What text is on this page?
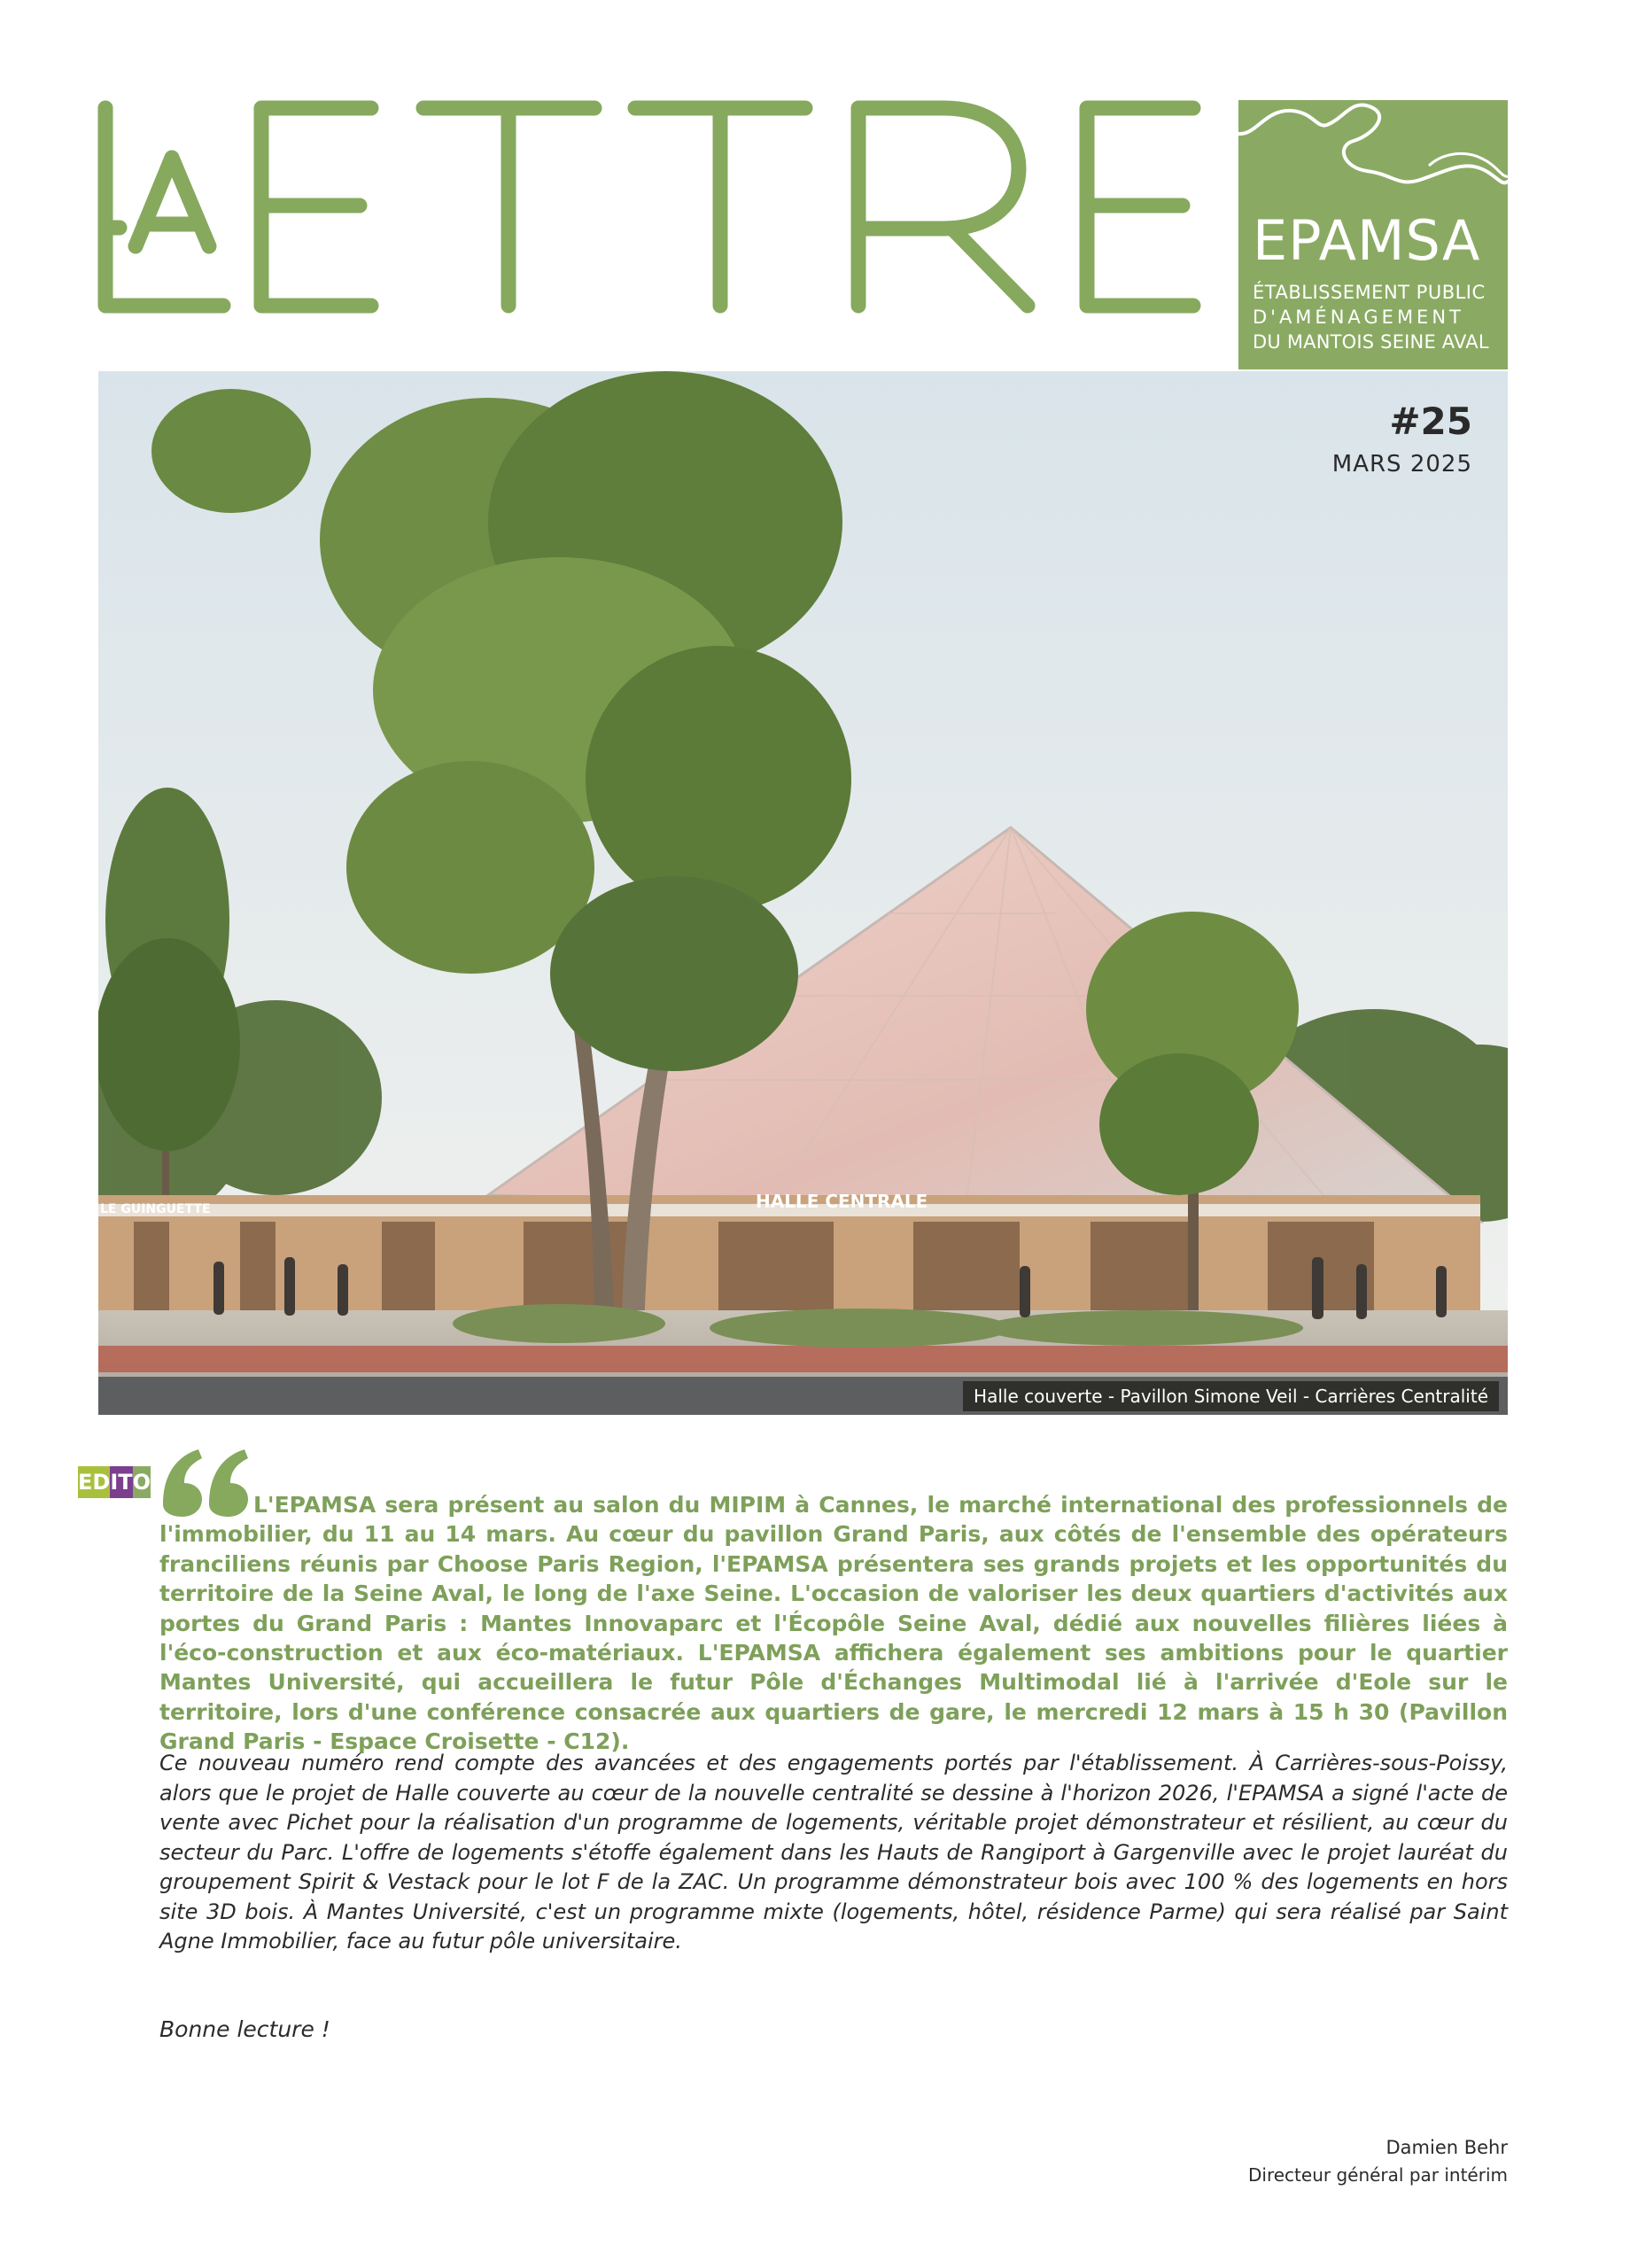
EPAMSA
ÉTABLISSEMENT PUBLIC
D'AMÉNAGEMENT
DU MANTOIS SEINE AVAL
HALLE CENTRALE
LE GUINGUETTE
#25
MARS 2025
Halle couverte - Pavillon Simone Veil - Carrières Centralité
E D I T O

L'EPAMSA sera présent au salon du MIPIM à Cannes, le marché international des professionnels de l'immobilier, du 11 au 14 mars. Au cœur du pavillon Grand Paris, aux côtés de l'ensemble des opérateurs franciliens réunis par Choose Paris Region, l'EPAMSA présentera ses grands projets et les opportunités du territoire de la Seine Aval, le long de l'axe Seine. L'occasion de valoriser les deux quartiers d'activités aux portes du Grand Paris : Mantes Innovaparc et l'Écopôle Seine Aval, dédié aux nouvelles filières liées à l'éco-construction et aux éco-matériaux. L'EPAMSA affichera également ses ambitions pour le quartier Mantes Université, qui accueillera le futur Pôle d'Échanges Multimodal lié à l'arrivée d'Eole sur le territoire, lors d'une conférence consacrée aux quartiers de gare, le mercredi 12 mars à 15 h 30 (Pavillon Grand Paris - Espace Croisette - C12).

Ce nouveau numéro rend compte des avancées et des engagements portés par l'établissement. À Carrières-sous-Poissy, alors que le projet de Halle couverte au cœur de la nouvelle centralité se dessine à l'horizon 2026, l'EPAMSA a signé l'acte de vente avec Pichet pour la réalisation d'un programme de logements, véritable projet démonstrateur et résilient, au cœur du secteur du Parc. L'offre de logements s'étoffe également dans les Hauts de Rangiport à Gargenville avec le projet lauréat du groupement Spirit & Vestack pour le lot F de la ZAC. Un programme démonstrateur bois avec 100 % des logements en hors site 3D bois. À Mantes Université, c'est un programme mixte (logements, hôtel, résidence Parme) qui sera réalisé par Saint Agne Immobilier, face au futur pôle universitaire.

Bonne lecture !
Damien Behr
Directeur général par intérim
